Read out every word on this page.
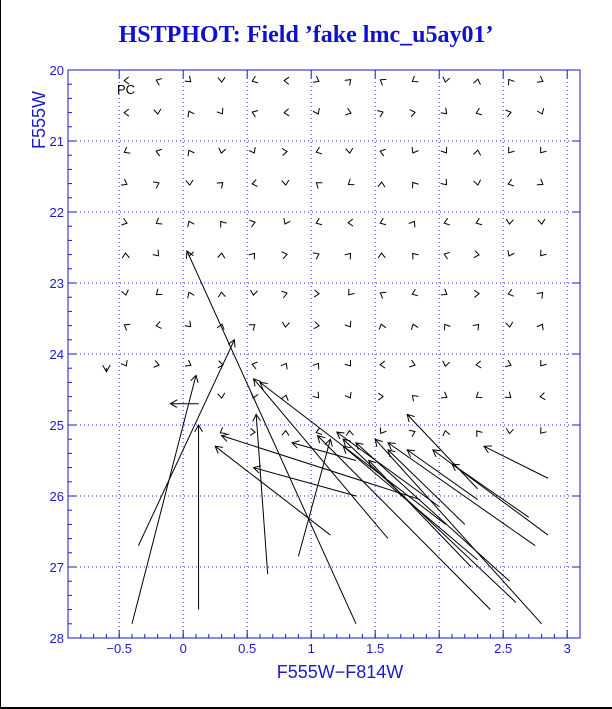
HSTPHOT: Field ’fake lmc_u5ay01’
−0.5	0	0.5	1	1.5	2	2.5	3
20
21
22
23
24
25
26
27
28
F555W
F555W−F814W
PC
